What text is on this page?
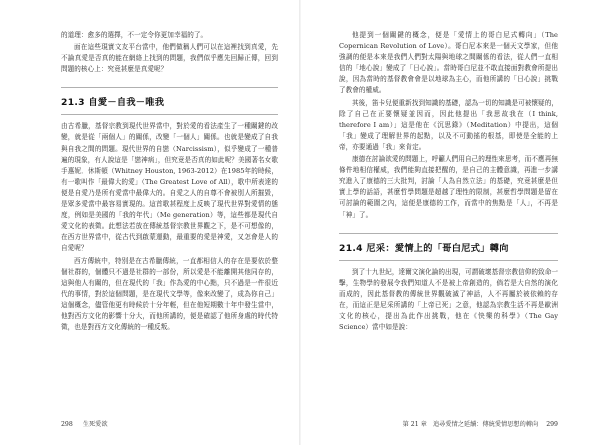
的道理：愈多的選擇，不一定令你更加幸福的了。

面在這些現實文友平台當中，他們做稱人們可以在這裡找到真愛，先不論真愛是否真的能在網絡上找到的問題，我們似乎應先回歸正傳，回到問題的核心上：究竟甚麼是真愛呢？

21.3 自愛－自我－唯我

由古希臘，基督宗教到現代世界當中，對於愛的看法產生了一種關鍵的改變，就是從「兩個人」的關係，改變「一個人」關係。也就是變成了自我與自我之間的問題。現代世界的自戀（Narcissism），似乎變成了一種普遍的現象，有人說這是「戀神病」，但究竟是否真的如此呢？美國著名女歌手惠妮．休斯頓（Whitney Houston, 1963-2012）在1985年的時候，有一歌叫作「最偉大的愛」（The Greatest Love of All），歌中所表達的便是自愛乃是所有愛當中最偉大的。自愛之人的自尊不會被別人所摧毀，是眾多愛當中最容易實現的。這首歌甚程度上反映了現代世界對愛情的態度，例如是美國的「我的年代」（Me generation）等，這些都是現代自愛文化的表徵。此想法若放在傳統基督宗教世界觀之下，是不可想像的，在西方世界當中，從古代到啟蒙運動，最重要的愛是神愛，又怎會是人的自愛呢？

西方傳統中，特別是在古希臘傳統，一直都相信人的存在是要依於整個社群的，個體只不過是社群的一部份，所以愛是不能離開其他同存的，這與他人有關的，但在現代的「我」作為愛的中心點，只不過是一件很近代的事情，對於這個問題，是在現代文學等，像來改變了，成為你自己」這個概念，儘管他更有時候於十分年輕，但在他短期數十年中發生當中，他對西方文化的影響十分大，而他所講的，便是確認了他所身處的時代特徵，也是對西方文化傳統的一種反叛。

298 生死愛欲

他提到一個關鍵的概念，便是「愛情上的哥白尼式轉向」（The Copernican Revolution of Love）。哥白尼本來是一個天文學家，但他強調的便是本來是我們人們對太陽與地球之間關係的看法，從人們一直相信的「地心說」變成了「日心說」。當時哥白尼並不敢直接面對教會所提出說，因為當時的基督教會會是以地球為主心，而他所講的「日心說」挑戰了教會的權威。

其後，笛卡兒便重新找到知識的基礎，認為一切的知識是可被懷疑的，除了自己在正要懷疑並因而，因此他提出「我思故我在（I think, therefore I am）」這是他在《沉思錄》（Meditation）中提出，這個「我」變成了理解世界的起點，以及不可動搖的根基，即使是全能的上帝，亦要通過「我」來肯定。

康德在討論欲愛的問題上，呼籲人們用自己的理性來思考，而不應再無條件地相信權威，我們能夠直接把醒的，是自己的主體意識，再進一步講究進入了康德的三大批判，討論「人為自然立法」的基礎，究竟甚麼是但實上學的話語，甚麼哲學問題是超越了理性的限制，甚麼哲學問題是留在可討論的範圍之內，這便是康德的工作，而當中的焦點是「人」，不再是「神」了。

21.4 尼采：愛情上的「哥白尼式」轉向

到了十九世紀，達爾文演化論的出現，可謂破壞基督宗教信仰的致命一擊，生物學的發展令我們知道人不是被上帝創造的，倘若是大自然的演化而成的，因此基督教的傳統世界觀破滅了神話，人不再屬於被依賴的存在，而這正是尼采所講的「上帝已死」之意，他認為宗教生活不再是歐洲文化的核心，提出為此作出挑戰，他在《快樂的科學》（The Gay Science）當中如是說：

第 21 章　追尋愛情之延續：傳統愛情思想的轉向 299
